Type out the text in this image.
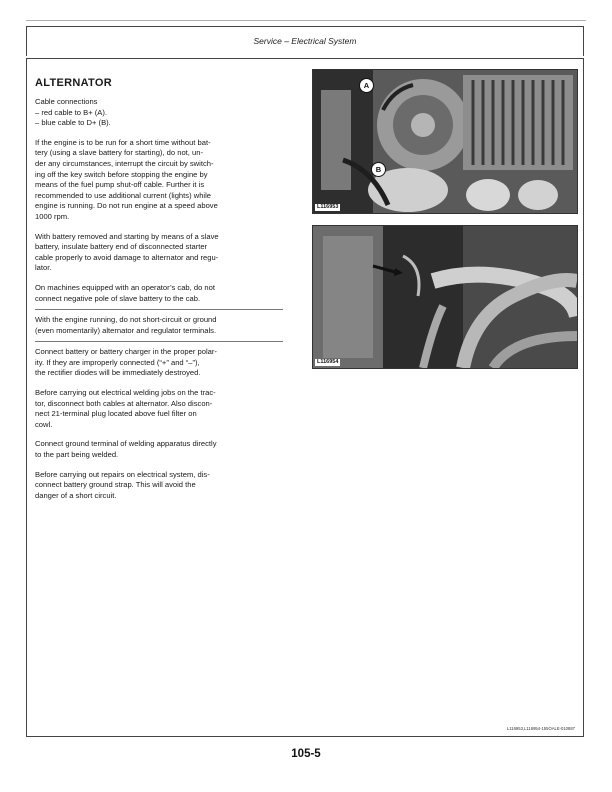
Service – Electrical System
ALTERNATOR

Cable connections
– red cable to B+ (A).
– blue cable to D+ (B).

If the engine is to be run for a short time without bat-
tery (using a slave battery for starting), do not, un-
der any circumstances, interrupt the circuit by switch-
ing off the key switch before stopping the engine by
means of the fuel pump shut-off cable. Further it is
recommended to use additional current (lights) while
engine is running. Do not run engine at a speed above
1000 rpm.

With battery removed and starting by means of a slave
battery, insulate battery end of disconnected starter
cable properly to avoid damage to alternator and regu-
lator.

On machines equipped with an operator’s cab, do not
connect negative pole of slave battery to the cab.

With the engine running, do not short-circuit or ground
(even momentarily) alternator and regulator terminals.

Connect battery or battery charger in the proper polar-
ity. If they are improperly connected (“+” and “–”),
the rectifier diodes will be immediately destroyed.

Before carrying out electrical welding jobs on the trac-
tor, disconnect both cables at alternator. Also discon-
nect 21-terminal plug located above fuel filter on
cowl.

Connect ground terminal of welding apparatus directly
to the part being welded.

Before carrying out repairs on electrical system, dis-
connect battery ground strap. This will avoid the
danger of a short circuit.

A
B
L116953
L116954
L116953,L116954-155OALE-010887
105-5
